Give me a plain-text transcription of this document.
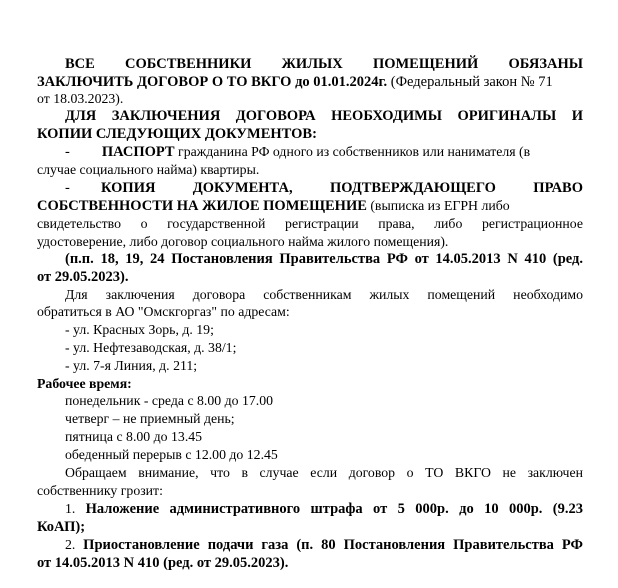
ВСЕ СОБСТВЕННИКИ ЖИЛЫХ ПОМЕЩЕНИЙ ОБЯЗАНЫ
ЗАКЛЮЧИТЬ ДОГОВОР О ТО ВКГО до 01.01.2024г. (Федеральный закон № 71
от 18.03.2023).
ДЛЯ ЗАКЛЮЧЕНИЯ ДОГОВОРА НЕОБХОДИМЫ ОРИГИНАЛЫ И
КОПИИ СЛЕДУЮЩИХ ДОКУМЕНТОВ:
- ПАСПОРТ гражданина РФ одного из собственников или нанимателя (в
случае социального найма) квартиры.
- КОПИЯ ДОКУМЕНТА, ПОДТВЕРЖДАЮЩЕГО ПРАВО
СОБСТВЕННОСТИ НА ЖИЛОЕ ПОМЕЩЕНИЕ (выписка из ЕГРН либо
свидетельство о государственной регистрации права, либо регистрационное
удостоверение, либо договор социального найма жилого помещения).
(п.п. 18, 19, 24 Постановления Правительства РФ от 14.05.2013 N 410 (ред.
от 29.05.2023).
Для заключения договора собственникам жилых помещений необходимо
обратиться в АО "Омскгоргаз" по адресам:
- ул. Красных Зорь, д. 19;
- ул. Нефтезаводская, д. 38/1;
- ул. 7-я Линия, д. 211;
Рабочее время:
понедельник - среда с 8.00 до 17.00
четверг – не приемный день;
пятница с 8.00 до 13.45
обеденный перерыв с 12.00 до 12.45
Обращаем внимание, что в случае если договор о ТО ВКГО не заключен
собственнику грозит:
1. Наложение административного штрафа от 5 000р. до 10 000р. (9.23
КоАП);
2. Приостановление подачи газа (п. 80 Постановления Правительства РФ
от 14.05.2013 N 410 (ред. от 29.05.2023).
